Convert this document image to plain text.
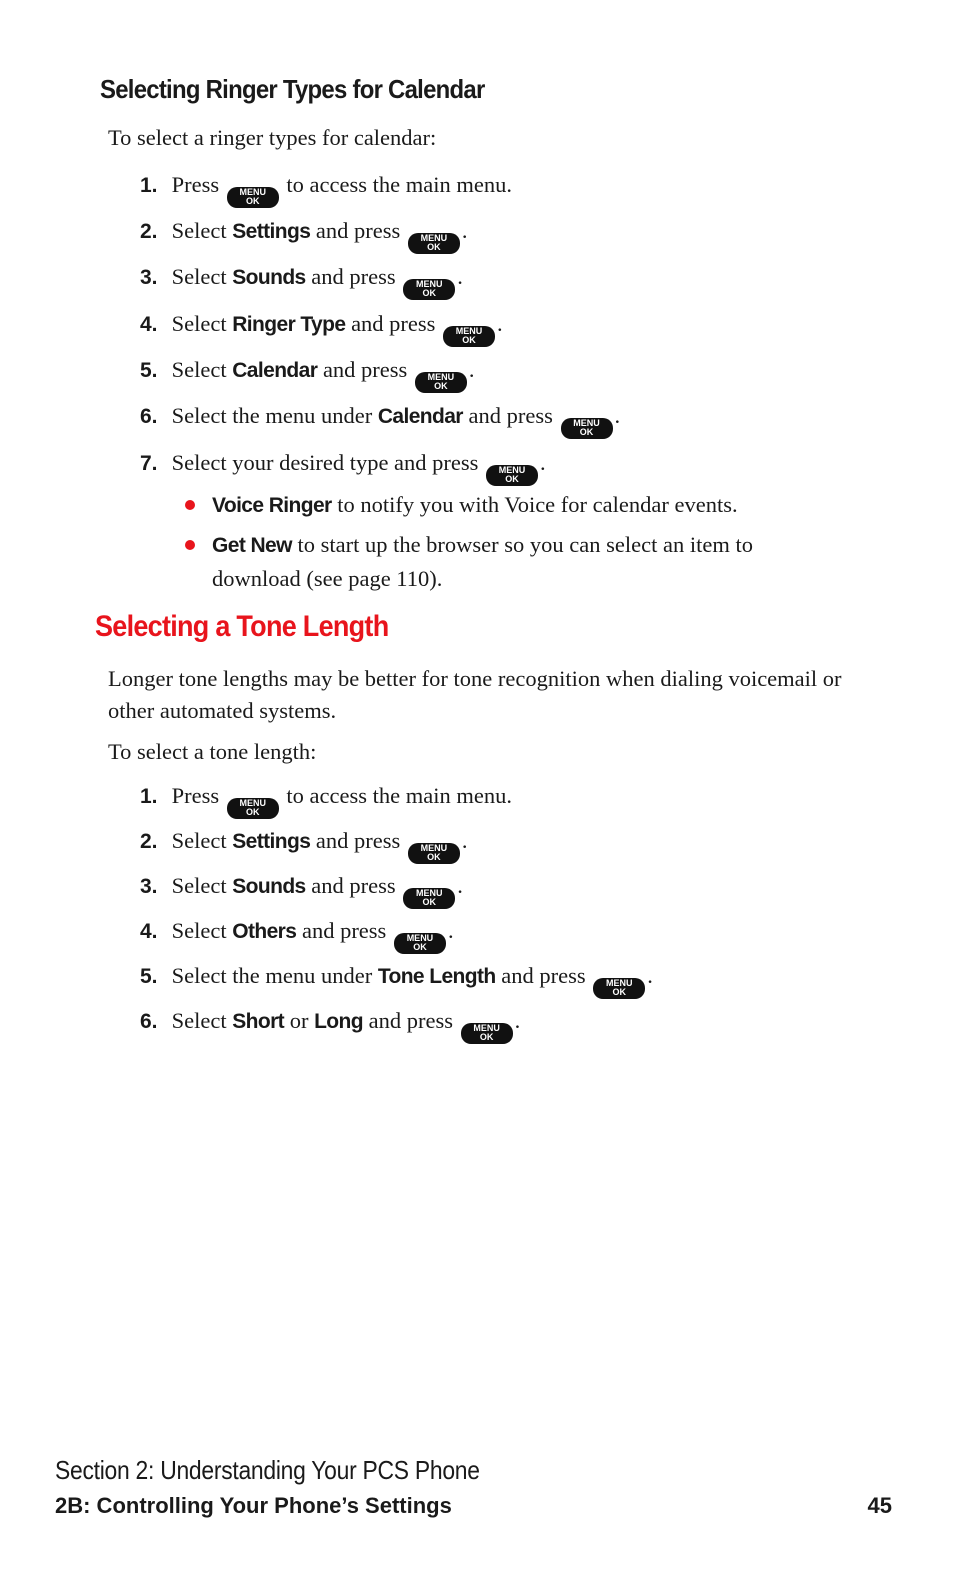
Selecting Ringer Types for Calendar

To select a ringer types for calendar:

1. Press MENU
OK
to access the main menu.
2. Select Settings and press MENU
OK
.
3. Select Sounds and press MENU
OK
.
4. Select Ringer Type and press MENU
OK
.
5. Select Calendar and press MENU
OK
.
6. Select the menu under Calendar and press MENU
OK
.
7. Select your desired type and press MENU
OK
.
Voice Ringer to notify you with Voice for calendar events.
Get New to start up the browser so you can select an item to download (see page 110).
Selecting a Tone Length

Longer tone lengths may be better for tone recognition when dialing voicemail or other automated systems.

To select a tone length:

1. Press MENU
OK
to access the main menu.
2. Select Settings and press MENU
OK
.
3. Select Sounds and press MENU
OK
.
4. Select Others and press MENU
OK
.
5. Select the menu under Tone Length and press MENU
OK
.
6. Select Short or Long and press MENU
OK
.
Section 2: Understanding Your PCS Phone
2B: Controlling Your Phone’s Settings	45
